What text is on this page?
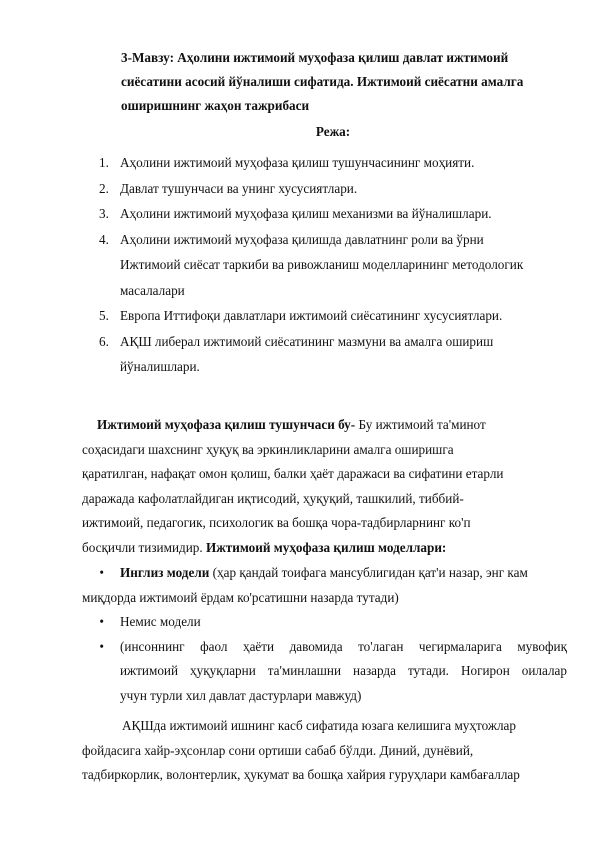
3-Мавзу: Аҳолини ижтимоий муҳофаза қилиш давлат ижтимоий
сиёсатини асосий йўналиши сифатида. Ижтимоий сиёсатни амалга
оширишнинг жаҳон тажрибаси
Режа:
1. Аҳолини ижтимоий муҳофаза қилиш тушунчасининг моҳияти.
2. Давлат тушунчаси ва унинг хусусиятлари.
3. Аҳолини ижтимоий муҳофаза қилиш механизми ва йўналишлари.
4. Аҳолини ижтимоий муҳофаза қилишда давлатнинг роли ва ўрни
Ижтимоий сиёсат таркиби ва ривожланиш моделларининг методологик
масалалари
5. Европа Иттифоқи давлатлари ижтимоий сиёсатининг хусусиятлари.
6. АҚШ либерал ижтимоий сиёсатининг мазмуни ва амалга ошириш
йўналишлари.
Ижтимоий муҳофаза қилиш тушунчаси бу- Бу ижтимоий та'минот
соҳасидаги шахснинг ҳуқуқ ва эркинликларини амалга оширишга
қаратилган, нафақат омон қолиш, балки ҳаёт даражаси ва сифатини етарли
даражада кафолатлайдиган иқтисодий, ҳуқуқий, ташкилий, тиббий-
ижтимоий, педагогик, психологик ва бошқа чора-тадбирларнинг ко'п
босқичли тизимидир. Ижтимоий муҳофаза қилиш моделлари:
•	Инглиз модели (ҳар қандай тоифага мансублигидан қат'и назар, энг кам
миқдорда ижтимоий ёрдам ко'рсатишни назарда тутади)
•	Немис модели
•	(инсоннинг фаол ҳаёти давомида то'лаган чегирмаларига мувофиқ
ижтимоий ҳуқуқларни та'минлашни назарда тутади. Ногирон оилалар
учун турли хил давлат дастурлари мавжуд)
АҚШда ижтимоий ишнинг касб сифатида юзага келишига муҳтожлар
фойдасига хайр-эҳсонлар сони ортиши сабаб бўлди. Диний, дунёвий,
тадбиркорлик, волонтерлик, ҳукумат ва бошқа хайрия гуруҳлари камбағаллар
